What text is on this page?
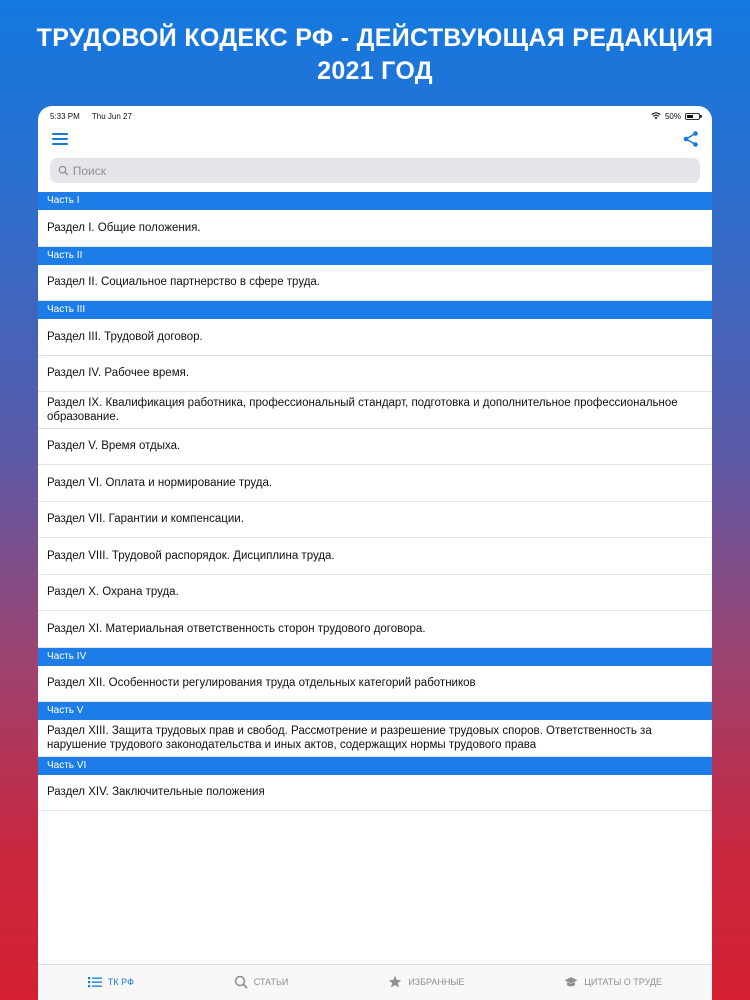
ТРУДОВОЙ КОДЕКС РФ - ДЕЙСТВУЮЩАЯ РЕДАКЦИЯ
2021 ГОД
5:33 PM Thu Jun 27	50%
Поиск
Часть I
Раздел I. Общие положения.
Часть II
Раздел II. Социальное партнерство в сфере труда.
Часть III
Раздел III. Трудовой договор.
Раздел IV. Рабочее время.
Раздел IX. Квалификация работника, профессиональный стандарт, подготовка и дополнительное профессиональное образование.
Раздел V. Время отдыха.
Раздел VI. Оплата и нормирование труда.
Раздел VII. Гарантии и компенсации.
Раздел VIII. Трудовой распорядок. Дисциплина труда.
Раздел X. Охрана труда.
Раздел XI. Материальная ответственность сторон трудового договора.
Часть IV
Раздел XII. Особенности регулирования труда отдельных категорий работников
Часть V
Раздел XIII. Защита трудовых прав и свобод. Рассмотрение и разрешение трудовых споров. Ответственность за нарушение трудового законодательства и иных актов, содержащих нормы трудового права
Часть VI
Раздел XIV. Заключительные положения
ТК РФ	СТАТЬИ	ИЗБРАННЫЕ	ЦИТАТЫ О ТРУДЕ
